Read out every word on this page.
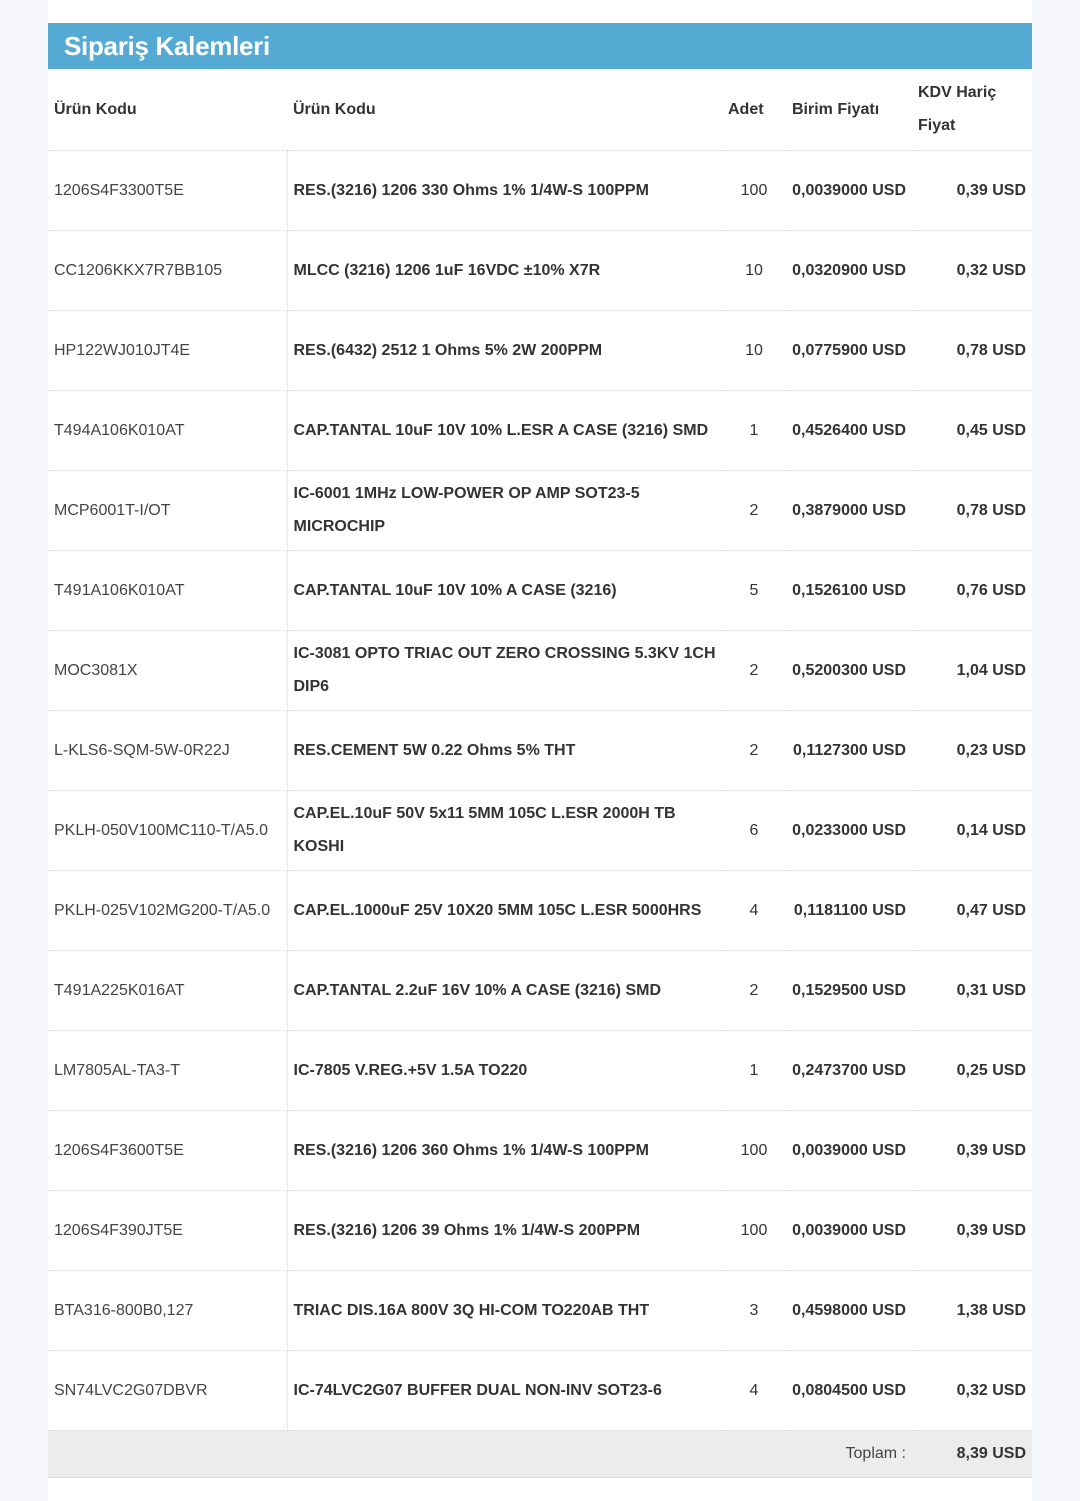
Sipariş Kalemleri
Ürün Kodu	Ürün Kodu	Adet	Birim Fiyatı	KDV Hariç Fiyat
1206S4F3300T5E	RES.(3216) 1206 330 Ohms 1% 1/4W-S 100PPM	100	0,0039000 USD	0,39 USD
CC1206KKX7R7BB105	MLCC (3216) 1206 1uF 16VDC ±10% X7R	10	0,0320900 USD	0,32 USD
HP122WJ010JT4E	RES.(6432) 2512 1 Ohms 5% 2W 200PPM	10	0,0775900 USD	0,78 USD
T494A106K010AT	CAP.TANTAL 10uF 10V 10% L.ESR A CASE (3216) SMD	1	0,4526400 USD	0,45 USD
MCP6001T-I/OT	IC-6001 1MHz LOW-POWER OP AMP SOT23-5 MICROCHIP	2	0,3879000 USD	0,78 USD
T491A106K010AT	CAP.TANTAL 10uF 10V 10% A CASE (3216)	5	0,1526100 USD	0,76 USD
MOC3081X	IC-3081 OPTO TRIAC OUT ZERO CROSSING 5.3KV 1CH DIP6	2	0,5200300 USD	1,04 USD
L-KLS6-SQM-5W-0R22J	RES.CEMENT 5W 0.22 Ohms 5% THT	2	0,1127300 USD	0,23 USD
PKLH-050V100MC110-T/A5.0	CAP.EL.10uF 50V 5x11 5MM 105C L.ESR 2000H TB KOSHI	6	0,0233000 USD	0,14 USD
PKLH-025V102MG200-T/A5.0	CAP.EL.1000uF 25V 10X20 5MM 105C L.ESR 5000HRS	4	0,1181100 USD	0,47 USD
T491A225K016AT	CAP.TANTAL 2.2uF 16V 10% A CASE (3216) SMD	2	0,1529500 USD	0,31 USD
LM7805AL-TA3-T	IC-7805 V.REG.+5V 1.5A TO220	1	0,2473700 USD	0,25 USD
1206S4F3600T5E	RES.(3216) 1206 360 Ohms 1% 1/4W-S 100PPM	100	0,0039000 USD	0,39 USD
1206S4F390JT5E	RES.(3216) 1206 39 Ohms 1% 1/4W-S 200PPM	100	0,0039000 USD	0,39 USD
BTA316-800B0,127	TRIAC DIS.16A 800V 3Q HI-COM TO220AB THT	3	0,4598000 USD	1,38 USD
SN74LVC2G07DBVR	IC-74LVC2G07 BUFFER DUAL NON-INV SOT23-6	4	0,0804500 USD	0,32 USD
Toplam :				8,39 USD
